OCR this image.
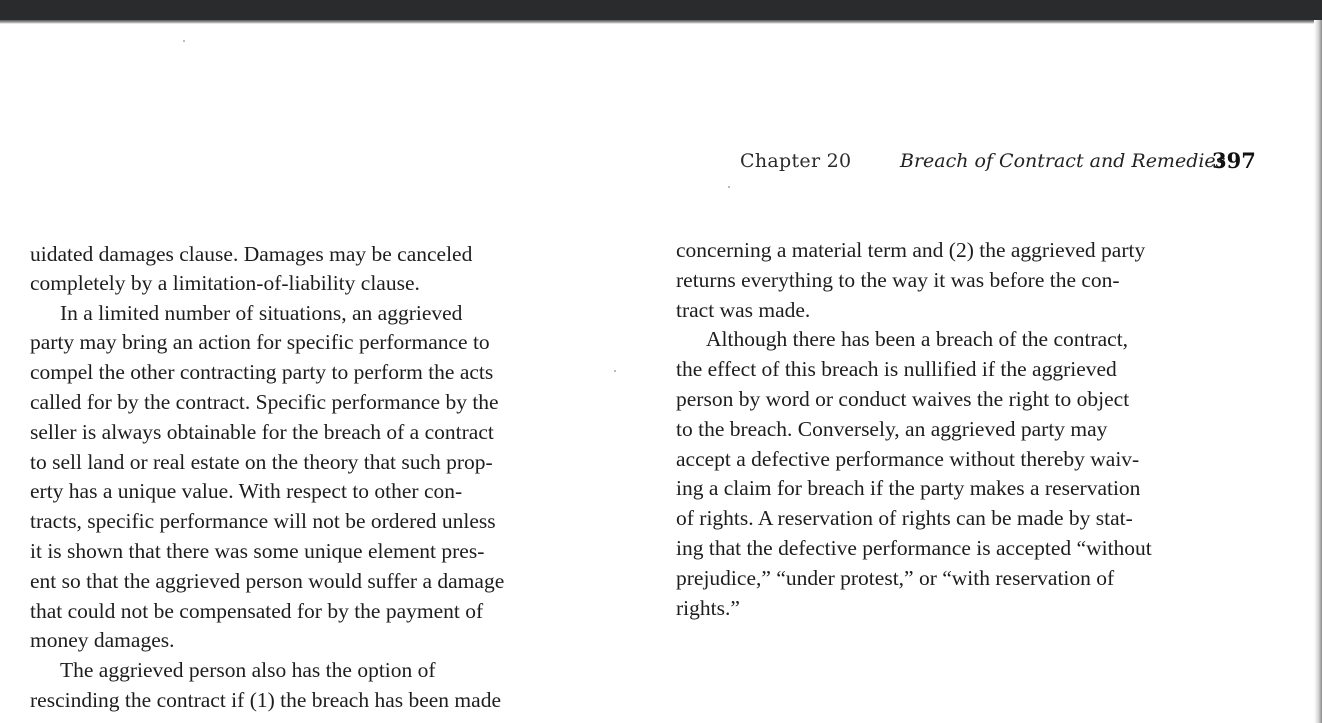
Chapter 20	Breach of Contract and Remedies
397
uidated damages clause. Damages may be canceled
completely by a limitation-of-liability clause.
In a limited number of situations, an aggrieved
party may bring an action for specific performance to
compel the other contracting party to perform the acts
called for by the contract. Specific performance by the
seller is always obtainable for the breach of a contract
to sell land or real estate on the theory that such prop-
erty has a unique value. With respect to other con-
tracts, specific performance will not be ordered unless
it is shown that there was some unique element pres-
ent so that the aggrieved person would suffer a damage
that could not be compensated for by the payment of
money damages.
The aggrieved person also has the option of
rescinding the contract if (1) the breach has been made
concerning a material term and (2) the aggrieved party
returns everything to the way it was before the con-
tract was made.
Although there has been a breach of the contract,
the effect of this breach is nullified if the aggrieved
person by word or conduct waives the right to object
to the breach. Conversely, an aggrieved party may
accept a defective performance without thereby waiv-
ing a claim for breach if the party makes a reservation
of rights. A reservation of rights can be made by stat-
ing that the defective performance is accepted “without
prejudice,” “under protest,” or “with reservation of
rights.”
